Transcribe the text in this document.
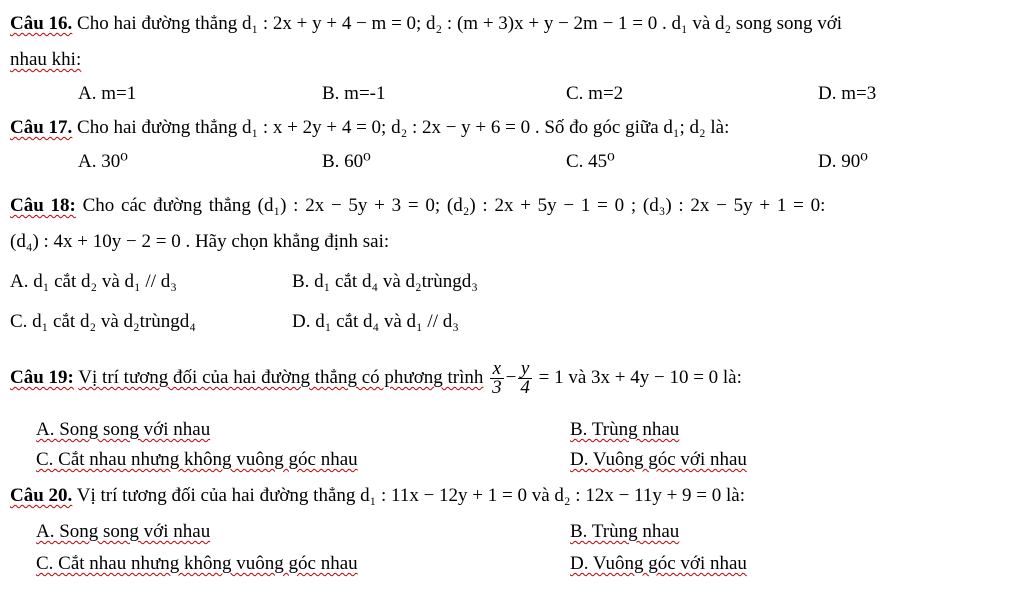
Câu 16. Cho hai đường thẳng d₁ : 2x + y + 4 − m = 0; d₂ : (m + 3)x + y − 2m − 1 = 0 . d₁ và d₂ song song với
nhau khi:
A. m=1	B. m=-1	C. m=2	D. m=3
Câu 17. Cho hai đường thẳng d₁ : x + 2y + 4 = 0; d₂ : 2x − y + 6 = 0 . Số đo góc giữa d₁; d₂ là:
A. 30⁰	B. 60⁰	C. 45⁰	D. 90⁰
Câu 18: Cho các đường thẳng (d₁) : 2x − 5y + 3 = 0; (d₂) : 2x + 5y − 1 = 0 ; (d₃) : 2x − 5y + 1 = 0:
(d₄) : 4x + 10y − 2 = 0 . Hãy chọn khẳng định sai:
A. d₁ cắt d₂ và d₁ // d₃	B. d₁ cắt d₄ và d₂trùngd₃
C. d₁ cắt d₂ và d₂trùngd₄	D. d₁ cắt d₄ và d₁ // d₃
Câu 19: Vị trí tương đối của hai đường thẳng có phương trình $\frac{x}{3} - \frac{y}{4} = 1$ và 3x + 4y − 10 = 0 là:
A. Song song với nhau	B. Trùng nhau
C. Cắt nhau nhưng không vuông góc nhau	D. Vuông góc với nhau
Câu 20. Vị trí tương đối của hai đường thẳng d₁ : 11x − 12y + 1 = 0 và d₂ : 12x − 11y + 9 = 0 là:
A. Song song với nhau	B. Trùng nhau
C. Cắt nhau nhưng không vuông góc nhau	D. Vuông góc với nhau
